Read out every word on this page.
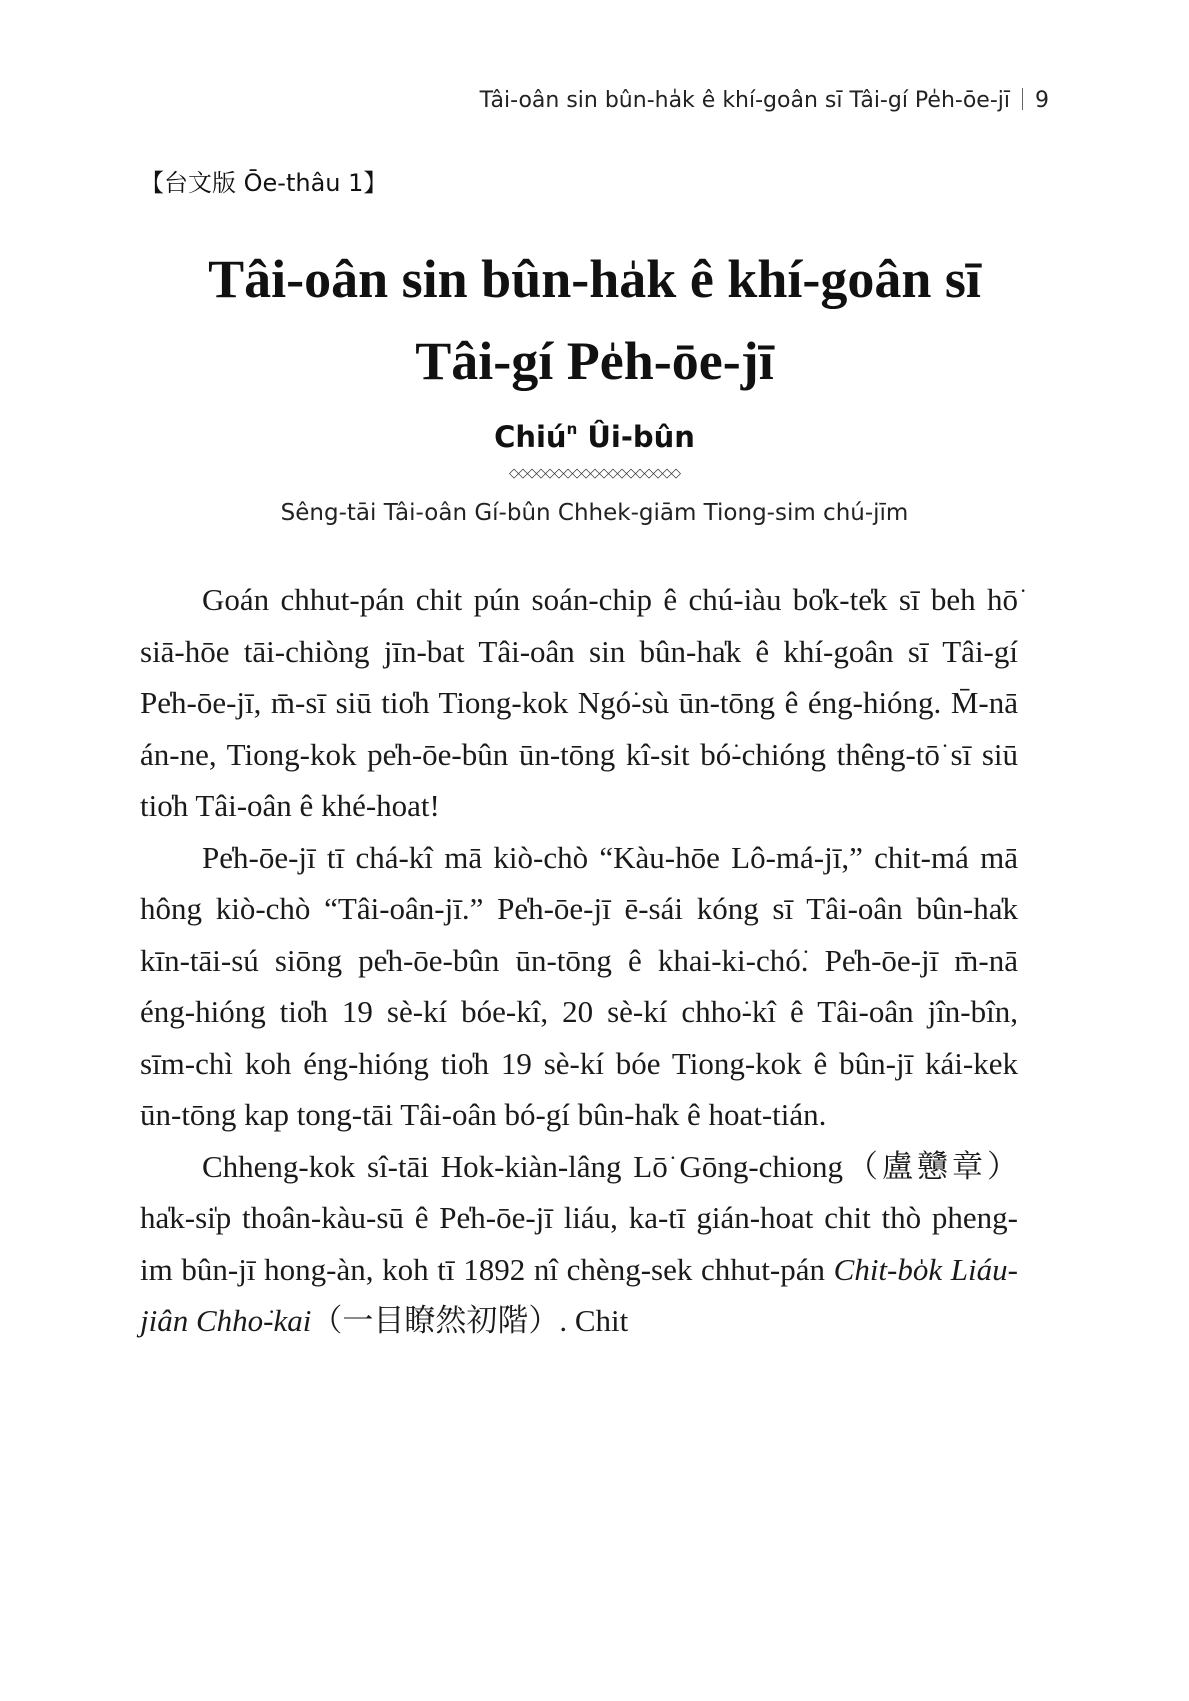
Tâi-oân sin bûn-ha̍k ê khí-goân sī Tâi-gí Pe̍h-ōe-jī 9
【台文版 Ōe-thâu 1】
Tâi-oân sin bûn-ha̍k ê khí-goân sī
Tâi-gí Pe̍h-ōe-jī
Chiú$^n$ Ûi-bûn
◇◇◇◇◇◇◇◇◇◇◇◇◇◇◇◇◇◇◇
Sêng-tāi Tâi-oân Gí-bûn Chhek-giām Tiong-sim chú-jīm

Goán chhut-pán chit pún soán-chip ê chú-iàu bo̍k-te̍k sī beh hō͘ siā-hōe tāi-chiòng jīn-bat Tâi-oân sin bûn-ha̍k ê khí-goân sī Tâi-gí Pe̍h-ōe-jī, m̄-sī siū tio̍h Tiong-kok Ngó͘-sù ūn-tōng ê éng-hióng. M̄-nā án-ne, Tiong-kok pe̍h-ōe-bûn ūn-tōng kî-sit bó͘-chióng thêng-tō͘ sī siū tio̍h Tâi-oân ê khé-hoat!

Pe̍h-ōe-jī tī chá-kî mā kiò-chò “Kàu-hōe Lô-má-jī,” chit-má mā hông kiò-chò “Tâi-oân-jī.” Pe̍h-ōe-jī ē-sái kóng sī Tâi-oân bûn-ha̍k kīn-tāi-sú siōng pe̍h-ōe-bûn ūn-tōng ê khai-ki-chó͘. Pe̍h-ōe-jī m̄-nā éng-hióng tio̍h 19 sè-kí bóe-kî, 20 sè-kí chho͘-kî ê Tâi-oân jîn-bîn, sīm-chì koh éng-hióng tio̍h 19 sè-kí bóe Tiong-kok ê bûn-jī kái-kek ūn-tōng kap tong-tāi Tâi-oân bó-gí bûn-ha̍k ê hoat-tián.

Chheng-kok sî-tāi Hok-kiàn-lâng Lō͘ Gōng-chiong（盧戇章）ha̍k-si̍p thoân-kàu-sū ê Pe̍h-ōe-jī liáu, ka-tī gián-hoat chit thò pheng-im bûn-jī hong-àn, koh tī 1892 nî chèng-sek chhut-pán Chit-bo̍k Liáu-jiân Chho͘-kai（一目瞭然初階）. Chit
